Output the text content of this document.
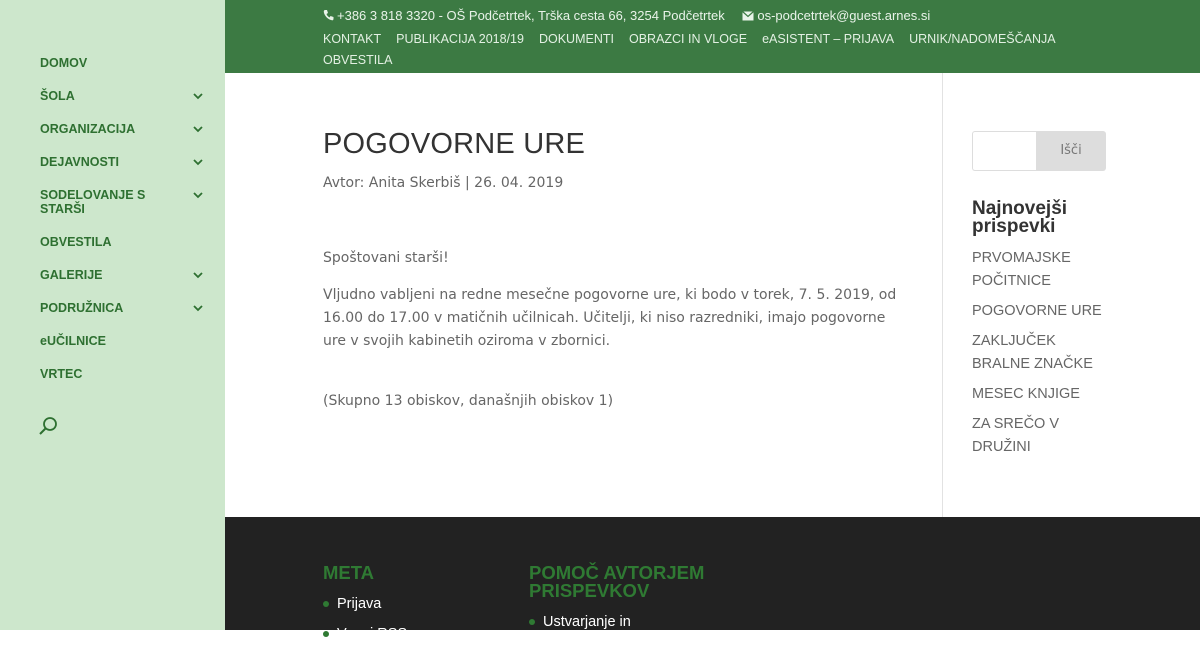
DOMOV
ŠOLA
ORGANIZACIJA
DEJAVNOSTI
SODELOVANJE S STARŠI
OBVESTILA
GALERIJE
PODRUŽNICA
eUČILNICE
VRTEC
+386 3 818 3320 - OŠ Podčetrtek, Trška cesta 66, 3254 Podčetrtek	os-podcetrtek@guest.arnes.si
KONTAKT PUBLIKACIJA 2018/19 DOKUMENTI OBRAZCI IN VLOGE eASISTENT – PRIJAVA URNIK/NADOMEŠČANJAOBVESTILA
POGOVORNE URE
Avtor: Anita Skerbiš | 26. 04. 2019

Spoštovani starši!

Vljudno vabljeni na redne mesečne pogovorne ure, ki bodo v torek, 7. 5. 2019, od 16.00 do 17.00 v matičnih učilnicah. Učitelji, ki niso razredniki, imajo pogovorne ure v svojih kabinetih oziroma v zbornici.

(Skupno 13 obiskov, današnjih obiskov 1)

Išči
Najnovejši prispevki
PRVOMAJSKE POČITNICE
POGOVORNE URE
ZAKLJUČEK BRALNE ZNAČKE
MESEC KNJIGE
ZA SREČO V DRUŽINI
META
Prijava
Vnosi RSS
POMOČ AVTORJEM PRISPEVKOV
Ustvarjanje in
